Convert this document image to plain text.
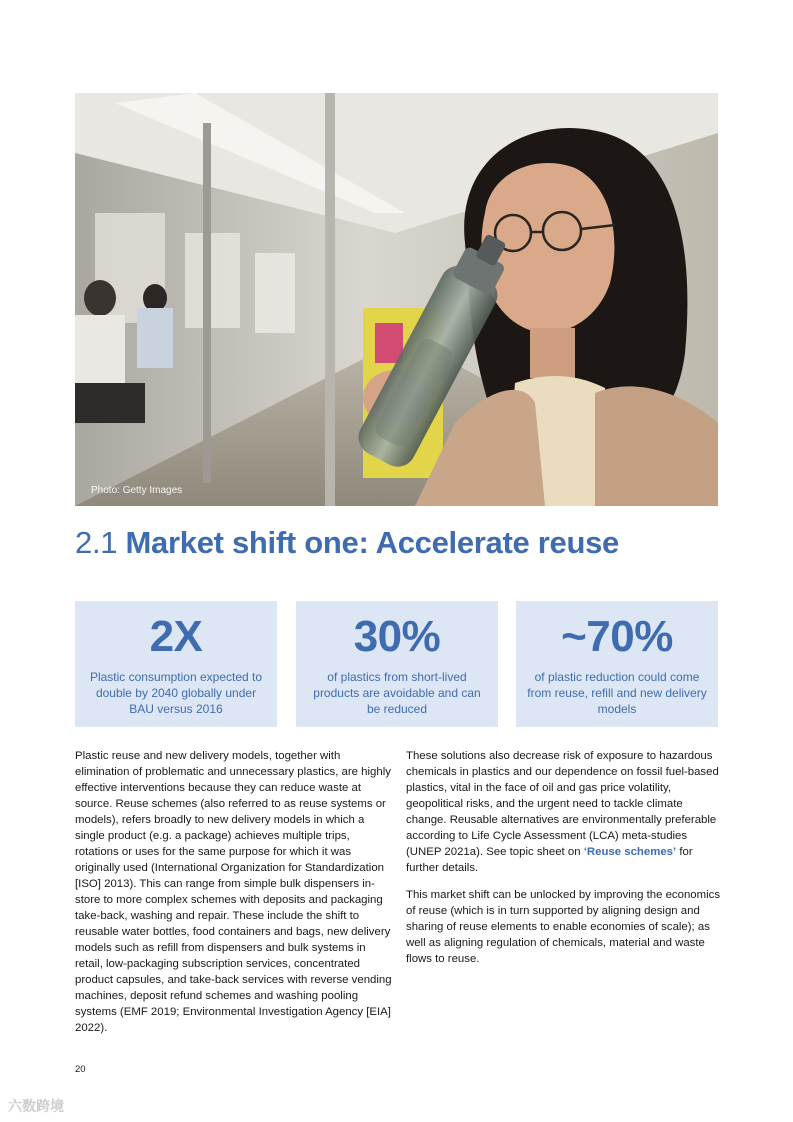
Photo: Getty Images
2.1 Market shift one: Accelerate reuse
2X
Plastic consumption expected to double by 2040 globally under BAU versus 2016
30%
of plastics from short-lived products are avoidable and can be reduced
~70%
of plastic reduction could come from reuse, refill and new delivery models

Plastic reuse and new delivery models, together with elimination of problematic and unnecessary plastics, are highly effective interventions because they can reduce waste at source. Reuse schemes (also referred to as reuse systems or models), refers broadly to new delivery models in which a single product (e.g. a package) achieves multiple trips, rotations or uses for the same purpose for which it was originally used (International Organization for Standardization [ISO] 2013). This can range from simple bulk dispensers in-store to more complex schemes with deposits and packaging take-back, washing and repair. These include the shift to reusable water bottles, food containers and bags, new delivery models such as refill from dispensers and bulk systems in retail, low-packaging subscription services, concentrated product capsules, and take-back services with reverse vending machines, deposit refund schemes and washing pooling systems (EMF 2019; Environmental Investigation Agency [EIA] 2022).

These solutions also decrease risk of exposure to hazardous chemicals in plastics and our dependence on fossil fuel-based plastics, vital in the face of oil and gas price volatility, geopolitical risks, and the urgent need to tackle climate change. Reusable alternatives are environmentally preferable according to Life Cycle Assessment (LCA) meta-studies (UNEP 2021a). See topic sheet on ‘Reuse schemes’ for further details.

This market shift can be unlocked by improving the economics of reuse (which is in turn supported by aligning design and sharing of reuse elements to enable economies of scale); as well as aligning regulation of chemicals, material and waste flows to reuse.

20
六数跨境
